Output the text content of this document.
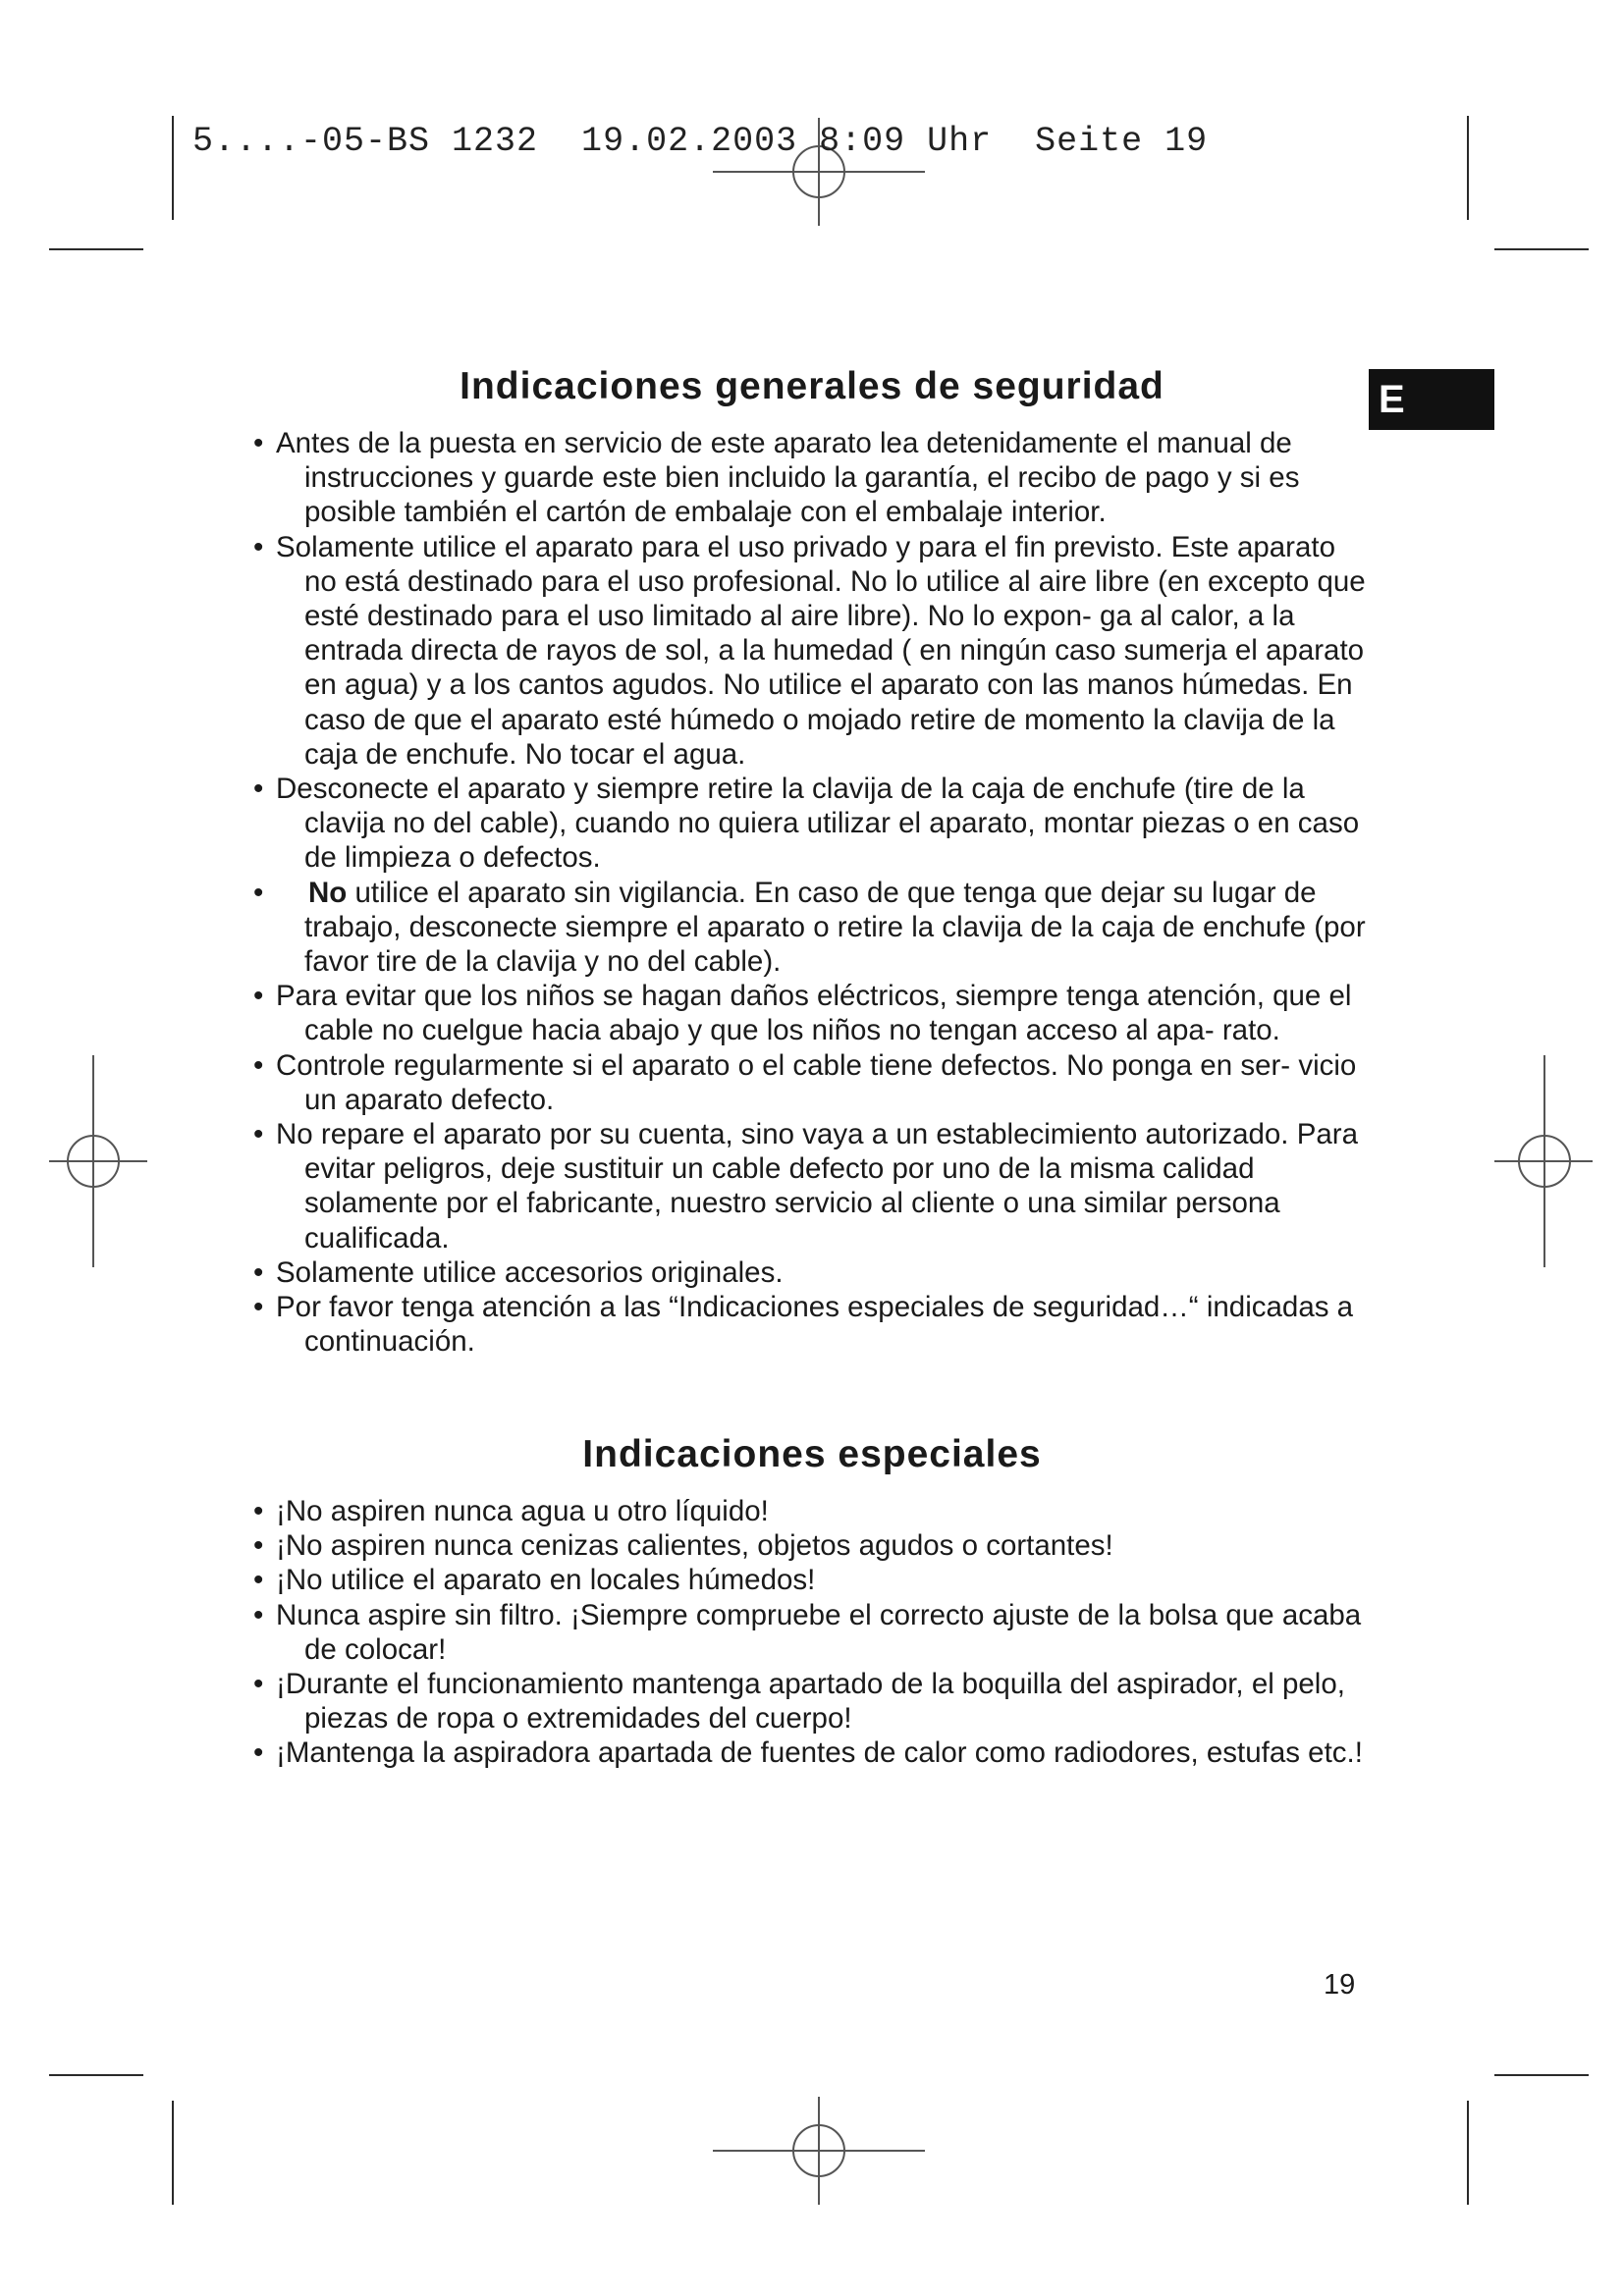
5....-05-BS 1232  19.02.2003 8:09 Uhr  Seite 19
E
Indicaciones generales de seguridad
• Antes de la puesta en servicio de este aparato lea detenidamente el manual de instrucciones y guarde este bien incluido la garantía, el recibo de pago y si es posible también el cartón de embalaje con el embalaje interior.
• Solamente utilice el aparato para el uso privado y para el fin previsto. Este aparato no está destinado para el uso profesional. No lo utilice al aire libre (en excepto que esté destinado para el uso limitado al aire libre). No lo expon- ga al calor, a la entrada directa de rayos de sol, a la humedad ( en ningún caso sumerja el aparato en agua) y a los cantos agudos. No utilice el aparato con las manos húmedas. En caso de que el aparato esté húmedo o mojado retire de momento la clavija de la caja de enchufe. No tocar el agua.
• Desconecte el aparato y siempre retire la clavija de la caja de enchufe (tire de la clavija no del cable), cuando no quiera utilizar el aparato, montar piezas o en caso de limpieza o defectos.
•	No utilice el aparato sin vigilancia. En caso de que tenga que dejar su lugar de trabajo, desconecte siempre el aparato o retire la clavija de la caja de enchufe (por favor tire de la clavija y no del cable).
• Para evitar que los niños se hagan daños eléctricos, siempre tenga atención, que el cable no cuelgue hacia abajo y que los niños no tengan acceso al apa- rato.
• Controle regularmente si el aparato o el cable tiene defectos. No ponga en ser- vicio un aparato defecto.
• No repare el aparato por su cuenta, sino vaya a un establecimiento autorizado. Para evitar peligros, deje sustituir un cable defecto por uno de la misma calidad solamente por el fabricante, nuestro servicio al cliente o una similar persona cualificada.
• Solamente utilice accesorios originales.
• Por favor tenga atención a las “Indicaciones especiales de seguridad…“ indicadas a continuación.
Indicaciones especiales
• ¡No aspiren nunca agua u otro líquido!
• ¡No aspiren nunca cenizas calientes, objetos agudos o cortantes!
• ¡No utilice el aparato en locales húmedos!
• Nunca aspire sin filtro. ¡Siempre compruebe el correcto ajuste de la bolsa que acaba de colocar!
• ¡Durante el funcionamiento mantenga apartado de la boquilla del aspirador, el pelo, piezas de ropa o extremidades del cuerpo!
• ¡Mantenga la aspiradora apartada de fuentes de calor como radiodores, estufas etc.!
19
